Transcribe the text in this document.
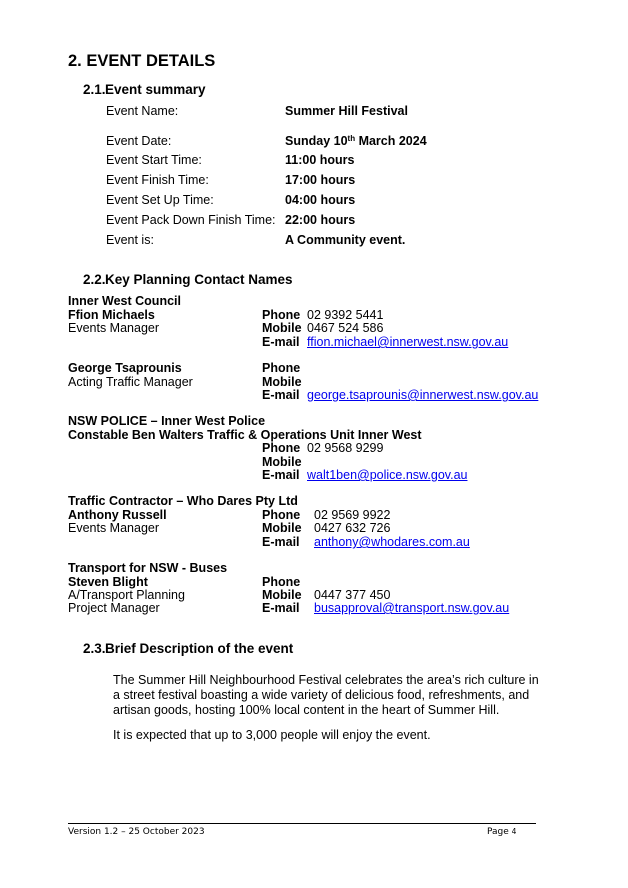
2. EVENT DETAILS
2.1.Event summary
Event Name:	Summer Hill Festival
Event Date:	Sunday 10th March 2024
Event Start Time:	11:00 hours
Event Finish Time:	17:00 hours
Event Set Up Time:	04:00 hours
Event Pack Down Finish Time: 22:00 hours
Event is:	A Community event.
2.2.Key Planning Contact Names
Inner West Council
Ffion Michaels
Events Manager
Phone 02 9392 5441
Mobile 0467 524 586
E-mail ffion.michael@innerwest.nsw.gov.au
George Tsaprounis
Acting Traffic Manager
Phone
Mobile
E-mail george.tsaprounis@innerwest.nsw.gov.au
NSW POLICE – Inner West Police
Constable Ben Walters Traffic & Operations Unit Inner West
Phone 02 9568 9299
Mobile
E-mail walt1ben@police.nsw.gov.au
Traffic Contractor – Who Dares Pty Ltd
Anthony Russell
Events Manager
Phone 02 9569 9922
Mobile 0427 632 726
E-mail anthony@whodares.com.au
Transport for NSW - Buses
Steven Blight
A/Transport Planning
Project Manager
Phone
Mobile 0447 377 450
E-mail busapproval@transport.nsw.gov.au
2.3.Brief Description of the event
The Summer Hill Neighbourhood Festival celebrates the area’s rich culture in a street festival boasting a wide variety of delicious food, refreshments, and artisan goods, hosting 100% local content in the heart of Summer Hill.
It is expected that up to 3,000 people will enjoy the event.
Version 1.2 – 25 October 2023	Page 4
